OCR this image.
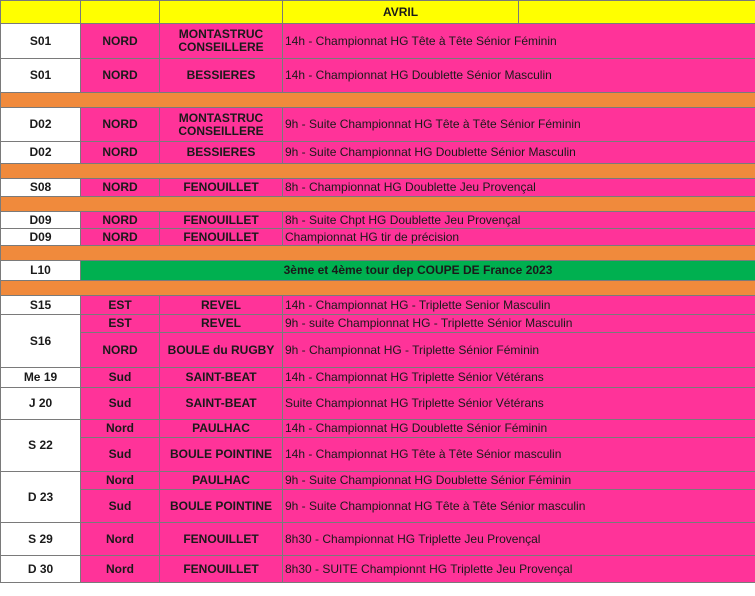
			AVRIL	
S01	NORD	MONTASTRUC CONSEILLERE	14h - Championnat HG Tête à Tête Sénior Féminin	
S01	NORD	BESSIERES	14h - Championnat HG Doublette Sénior Masculin	

D02	NORD	MONTASTRUC CONSEILLERE	9h - Suite Championnat HG Tête à Tête Sénior Féminin	
D02	NORD	BESSIERES	9h - Suite Championnat HG Doublette Sénior Masculin	

S08	NORD	FENOUILLET	8h - Championnat HG Doublette Jeu Provençal	

D09	NORD	FENOUILLET	8h - Suite Chpt HG Doublette Jeu Provençal	
D09	NORD	FENOUILLET	Championnat HG tir de précision	

L10	3ème et 4ème tour dep COUPE DE France 2023			

S15	EST	REVEL	14h - Championnat HG - Triplette Senior Masculin	
S16	EST	REVEL	9h - suite Championnat HG - Triplette Sénior Masculin	
	NORD	BOULE du RUGBY	9h - Championnat HG - Triplette Sénior Féminin	
Me 19	Sud	SAINT-BEAT	14h - Championnat HG Triplette Sénior Vétérans	
J 20	Sud	SAINT-BEAT	Suite Championnat HG Triplette Sénior Vétérans	
S 22	Nord	PAULHAC	14h - Championnat HG Doublette Sénior Féminin	
	Sud	BOULE POINTINE	14h - Championnat HG Tête à Tête Sénior masculin	
D 23	Nord	PAULHAC	9h - Suite Championnat HG Doublette Sénior Féminin	
	Sud	BOULE POINTINE	9h - Suite Championnat HG Tête à Tête Sénior masculin	
S 29	Nord	FENOUILLET	8h30 - Championnat HG Triplette Jeu Provençal	
D 30	Nord	FENOUILLET	8h30 - SUITE Championnt HG Triplette Jeu Provençal	
